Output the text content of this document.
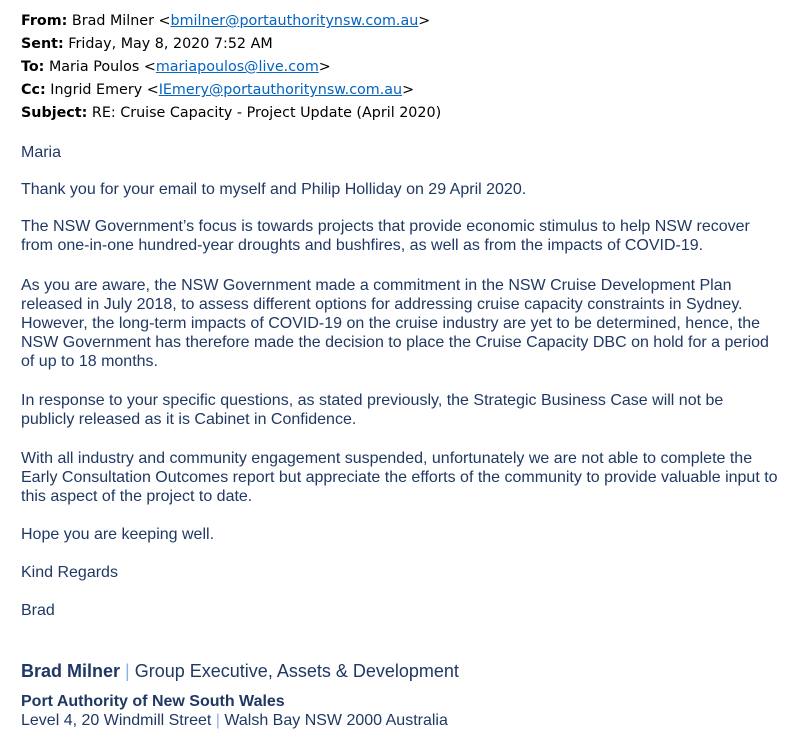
From: Brad Milner <bmilner@portauthoritynsw.com.au>
Sent: Friday, May 8, 2020 7:52 AM
To: Maria Poulos <mariapoulos@live.com>
Cc: Ingrid Emery <IEmery@portauthoritynsw.com.au>
Subject: RE: Cruise Capacity - Project Update (April 2020)

Maria

Thank you for your email to myself and Philip Holliday on 29 April 2020.

The NSW Government’s focus is towards projects that provide economic stimulus to help NSW recover from one-in-one hundred-year droughts and bushfires, as well as from the impacts of COVID-19.

As you are aware, the NSW Government made a commitment in the NSW Cruise Development Plan released in July 2018, to assess different options for addressing cruise capacity constraints in Sydney. However, the long-term impacts of COVID-19 on the cruise industry are yet to be determined, hence, the NSW Government has therefore made the decision to place the Cruise Capacity DBC on hold for a period of up to 18 months.

In response to your specific questions, as stated previously, the Strategic Business Case will not be publicly released as it is Cabinet in Confidence.

With all industry and community engagement suspended, unfortunately we are not able to complete the Early Consultation Outcomes report but appreciate the efforts of the community to provide valuable input to this aspect of the project to date.

Hope you are keeping well.

Kind Regards

Brad

Brad Milner | Group Executive, Assets & Development
Port Authority of New South Wales
Level 4, 20 Windmill Street | Walsh Bay NSW 2000 Australia
